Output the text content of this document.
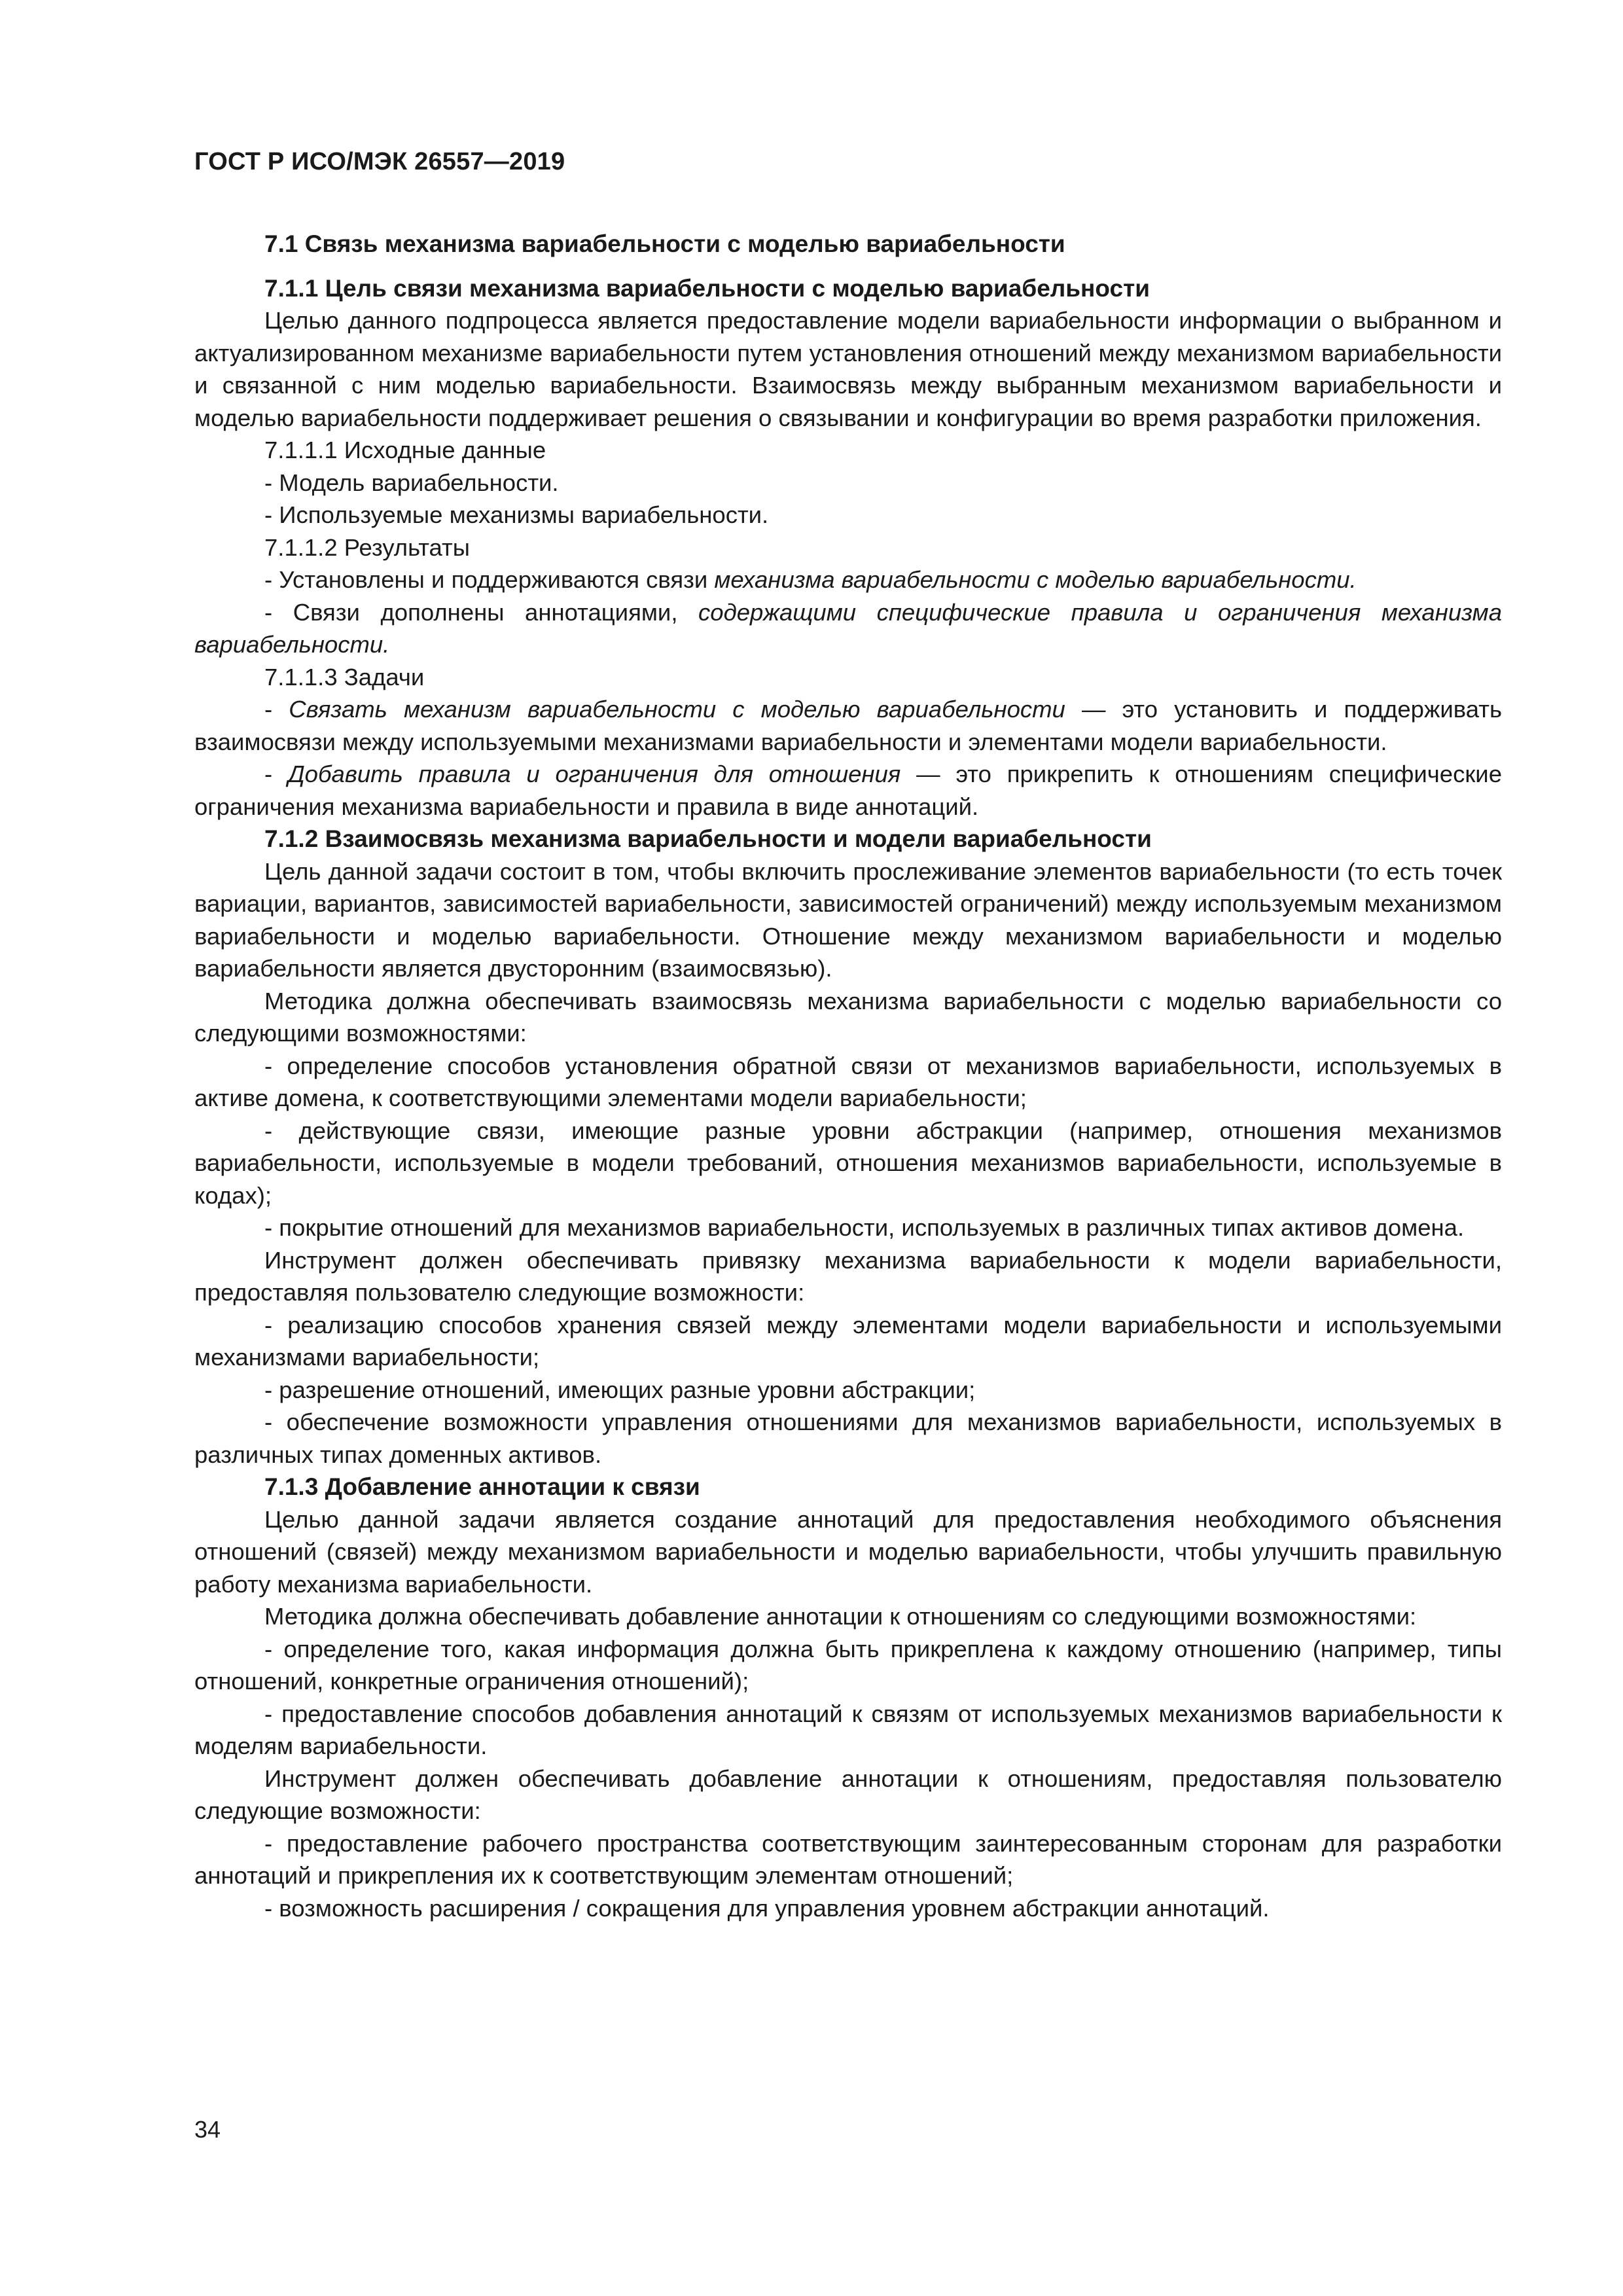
ГОСТ Р ИСО/МЭК 26557—2019

7.1 Связь механизма вариабельности с моделью вариабельности

7.1.1 Цель связи механизма вариабельности с моделью вариабельности

Целью данного подпроцесса является предоставление модели вариабельности информации о выбранном и актуализированном механизме вариабельности путем установления отношений между механизмом вариабельности и связанной с ним моделью вариабельности. Взаимосвязь между выбранным механизмом вариабельности и моделью вариабельности поддерживает решения о связывании и конфигурации во время разработки приложения.

7.1.1.1 Исходные данные

- Модель вариабельности.

- Используемые механизмы вариабельности.

7.1.1.2 Результаты

- Установлены и поддерживаются связи механизма вариабельности с моделью вариабельности.

- Связи дополнены аннотациями, содержащими специфические правила и ограничения механизма вариабельности.

7.1.1.3 Задачи

- Связать механизм вариабельности с моделью вариабельности — это установить и поддерживать взаимосвязи между используемыми механизмами вариабельности и элементами модели вариабельности.

- Добавить правила и ограничения для отношения — это прикрепить к отношениям специфические ограничения механизма вариабельности и правила в виде аннотаций.

7.1.2 Взаимосвязь механизма вариабельности и модели вариабельности

Цель данной задачи состоит в том, чтобы включить прослеживание элементов вариабельности (то есть точек вариации, вариантов, зависимостей вариабельности, зависимостей ограничений) между используемым механизмом вариабельности и моделью вариабельности. Отношение между механизмом вариабельности и моделью вариабельности является двусторонним (взаимосвязью).

Методика должна обеспечивать взаимосвязь механизма вариабельности с моделью вариабельности со следующими возможностями:

- определение способов установления обратной связи от механизмов вариабельности, используемых в активе домена, к соответствующими элементами модели вариабельности;

- действующие связи, имеющие разные уровни абстракции (например, отношения механизмов вариабельности, используемые в модели требований, отношения механизмов вариабельности, используемые в кодах);

- покрытие отношений для механизмов вариабельности, используемых в различных типах активов домена.

Инструмент должен обеспечивать привязку механизма вариабельности к модели вариабельности, предоставляя пользователю следующие возможности:

- реализацию способов хранения связей между элементами модели вариабельности и используемыми механизмами вариабельности;

- разрешение отношений, имеющих разные уровни абстракции;

- обеспечение возможности управления отношениями для механизмов вариабельности, используемых в различных типах доменных активов.

7.1.3 Добавление аннотации к связи

Целью данной задачи является создание аннотаций для предоставления необходимого объяснения отношений (связей) между механизмом вариабельности и моделью вариабельности, чтобы улучшить правильную работу механизма вариабельности.

Методика должна обеспечивать добавление аннотации к отношениям со следующими возможностями:

- определение того, какая информация должна быть прикреплена к каждому отношению (например, типы отношений, конкретные ограничения отношений);

- предоставление способов добавления аннотаций к связям от используемых механизмов вариабельности к моделям вариабельности.

Инструмент должен обеспечивать добавление аннотации к отношениям, предоставляя пользователю следующие возможности:

- предоставление рабочего пространства соответствующим заинтересованным сторонам для разработки аннотаций и прикрепления их к соответствующим элементам отношений;

- возможность расширения / сокращения для управления уровнем абстракции аннотаций.

34
